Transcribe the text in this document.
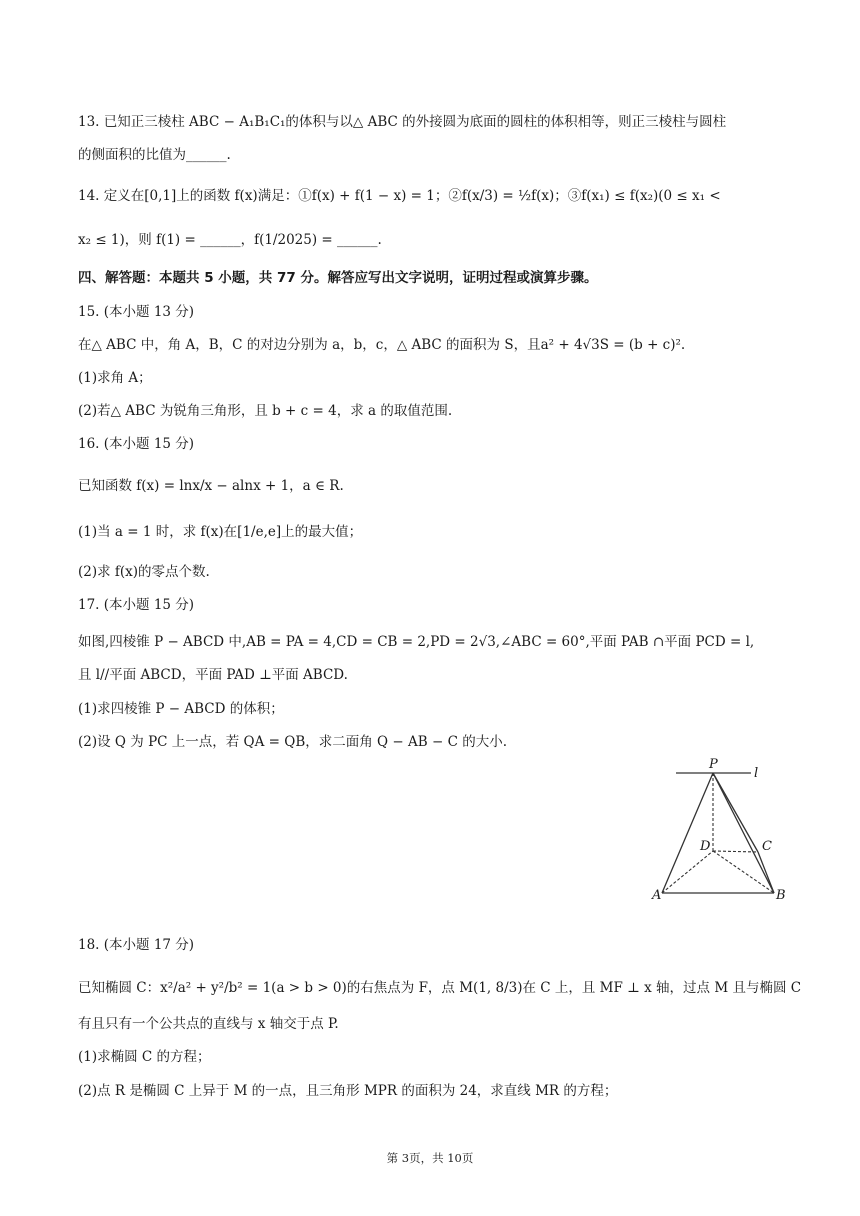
13. 已知正三棱柱 ABC − A₁B₁C₁的体积与以△ ABC 的外接圆为底面的圆柱的体积相等，则正三棱柱与圆柱
的侧面积的比值为______.
14. 定义在[0,1]上的函数 f(x)满足：①f(x) + f(1 − x) = 1；②f(x/3) = ½f(x)；③f(x₁) ≤ f(x₂)(0 ≤ x₁ <
x₂ ≤ 1)，则 f(1) = ______，f(1/2025) = ______.
四、解答题：本题共 5 小题，共 77 分。解答应写出文字说明，证明过程或演算步骤。
15. (本小题 13 分)
在△ ABC 中，角 A，B，C 的对边分别为 a，b，c，△ ABC 的面积为 S，且a² + 4√3S = (b + c)².
(1)求角 A；
(2)若△ ABC 为锐角三角形，且 b + c = 4，求 a 的取值范围.
16. (本小题 15 分)
已知函数 f(x) = lnx/x − alnx + 1，a ∈ R.
(1)当 a = 1 时，求 f(x)在[1/e,e]上的最大值；
(2)求 f(x)的零点个数.
17. (本小题 15 分)
如图,四棱锥 P − ABCD 中,AB = PA = 4,CD = CB = 2,PD = 2√3,∠ABC = 60°,平面 PAB ∩平面 PCD = l,
且 l//平面 ABCD，平面 PAD ⊥平面 ABCD.
(1)求四棱锥 P − ABCD 的体积；
(2)设 Q 为 PC 上一点，若 QA = QB，求二面角 Q − AB − C 的大小.
P
l
D	C
A	B
18. (本小题 17 分)
已知椭圆 C：x²/a² + y²/b² = 1(a > b > 0)的右焦点为 F，点 M(1, 8/3)在 C 上，且 MF ⊥ x 轴，过点 M 且与椭圆 C
有且只有一个公共点的直线与 x 轴交于点 P.
(1)求椭圆 C 的方程；
(2)点 R 是椭圆 C 上异于 M 的一点，且三角形 MPR 的面积为 24，求直线 MR 的方程；
第 3页，共 10页
